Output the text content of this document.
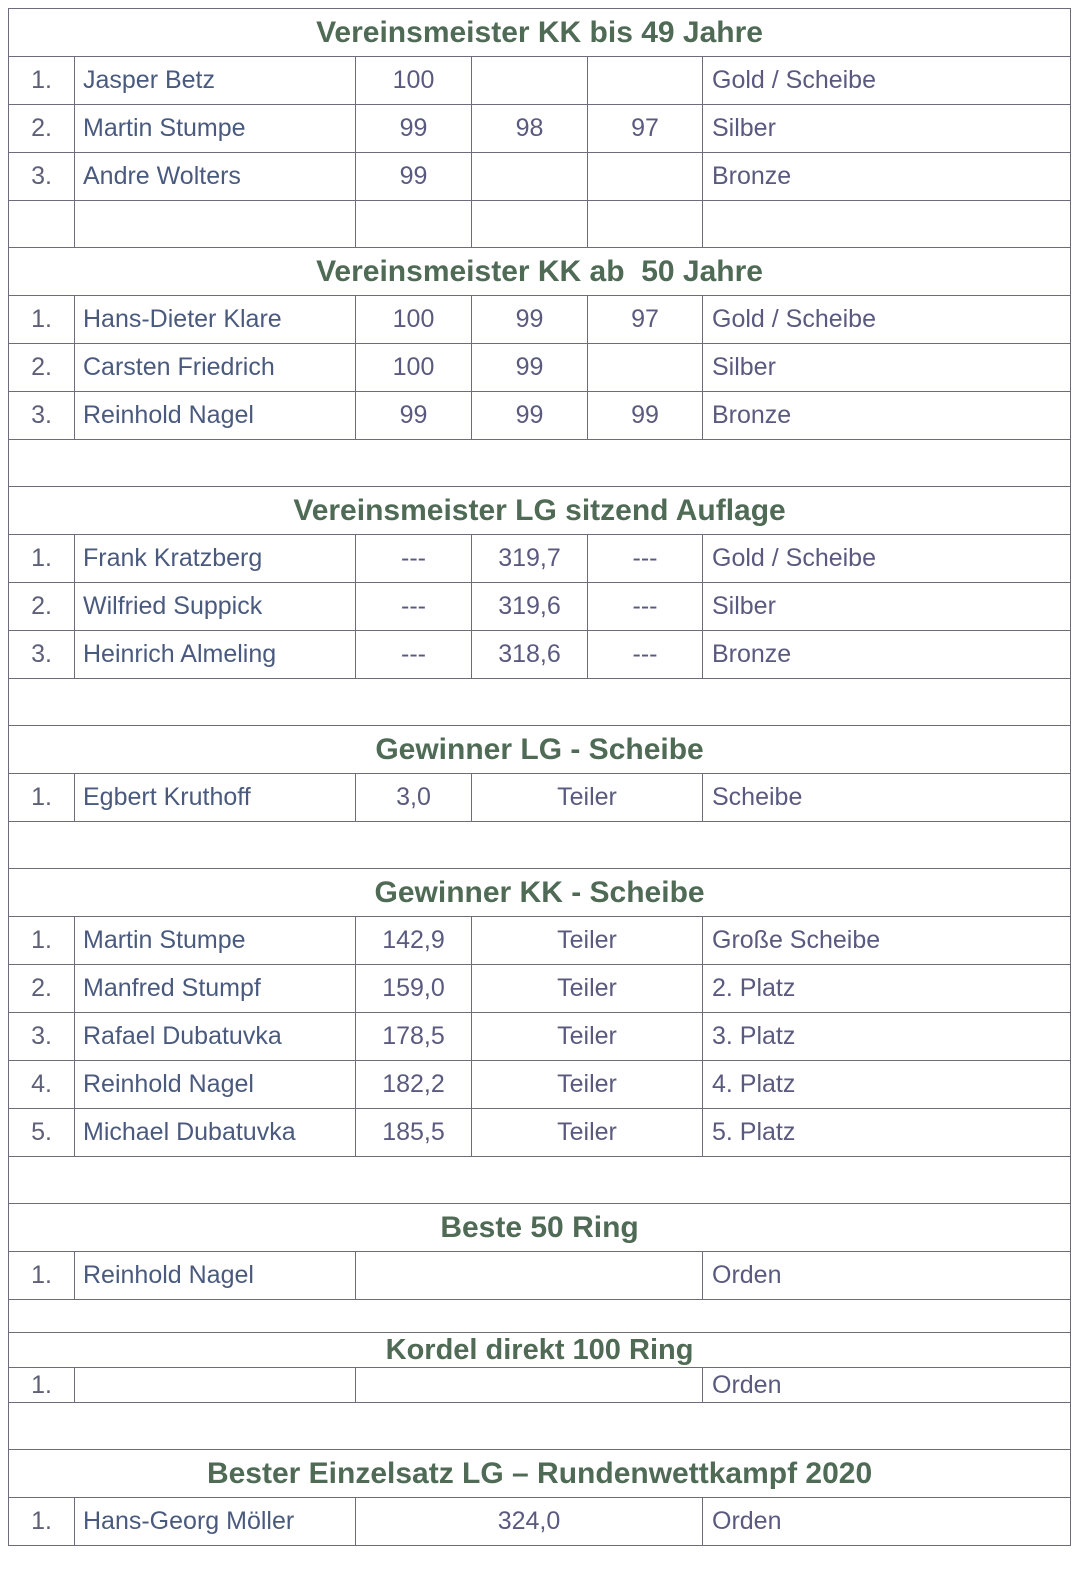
Vereinsmeister KK bis 49 Jahre					
1.	Jasper Betz	100			Gold / Scheibe
2.	Martin Stumpe	99	98	97	Silber
3.	Andre Wolters	99			Bronze

Vereinsmeister KK ab  50 Jahre					
1.	Hans-Dieter Klare	100	99	97	Gold / Scheibe
2.	Carsten Friedrich	100	99		Silber
3.	Reinhold Nagel	99	99	99	Bronze

Vereinsmeister LG sitzend Auflage					
1.	Frank Kratzberg	---	319,7	---	Gold / Scheibe
2.	Wilfried Suppick	---	319,6	---	Silber
3.	Heinrich Almeling	---	318,6	---	Bronze

Gewinner LG - Scheibe					
1.	Egbert Kruthoff	3,0	Teiler		Scheibe

Gewinner KK - Scheibe					
1.	Martin Stumpe	142,9	Teiler		Große Scheibe
2.	Manfred Stumpf	159,0	Teiler		2. Platz
3.	Rafael Dubatuvka	178,5	Teiler		3. Platz
4.	Reinhold Nagel	182,2	Teiler		4. Platz
5.	Michael Dubatuvka	185,5	Teiler		5. Platz

Beste 50 Ring					
1.	Reinhold Nagel				Orden

Kordel direkt 100 Ring					
1.					Orden

Bester Einzelsatz LG – Rundenwettkampf 2020					
1.	Hans-Georg Möller	324,0			Orden
